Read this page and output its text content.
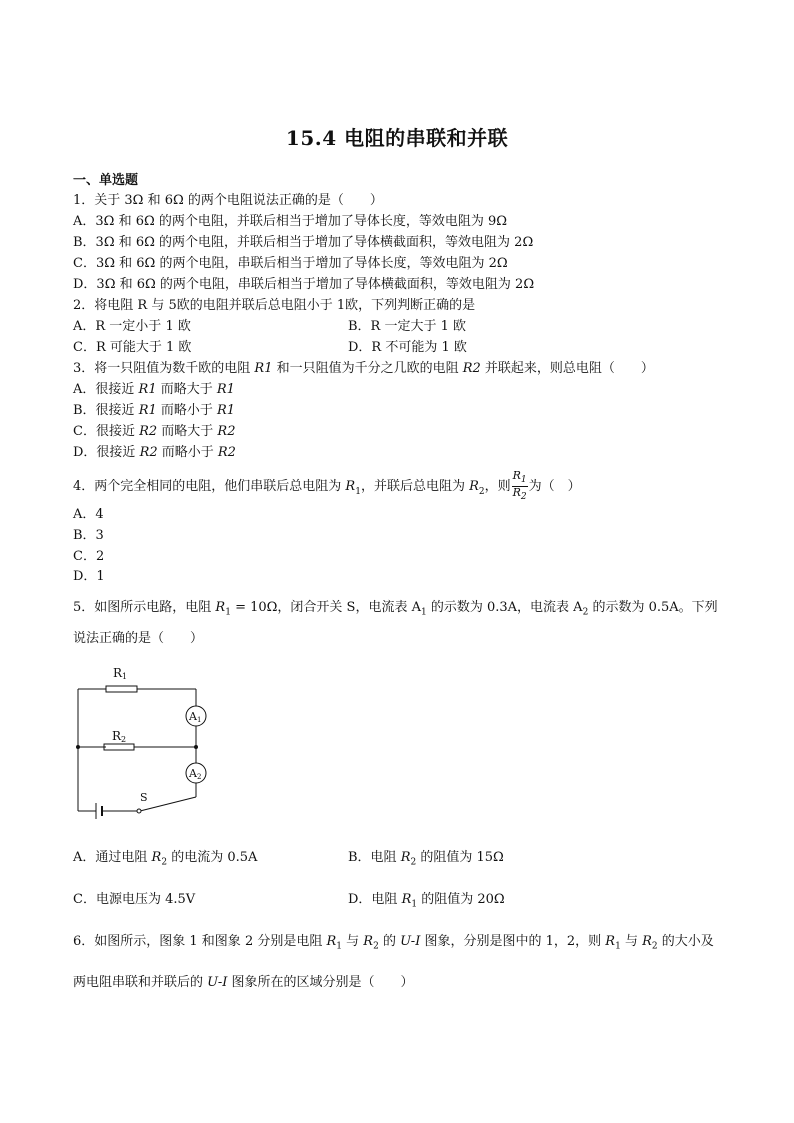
15.4 电阻的串联和并联
一、单选题
1．关于 3Ω 和 6Ω 的两个电阻说法正确的是（　　）
A．3Ω 和 6Ω 的两个电阻，并联后相当于增加了导体长度，等效电阻为 9Ω
B．3Ω 和 6Ω 的两个电阻，并联后相当于增加了导体横截面积，等效电阻为 2Ω
C．3Ω 和 6Ω 的两个电阻，串联后相当于增加了导体长度，等效电阻为 2Ω
D．3Ω 和 6Ω 的两个电阻，串联后相当于增加了导体横截面积，等效电阻为 2Ω
2．将电阻 R 与 5欧的电阻并联后总电阻小于 1欧，下列判断正确的是
A．R 一定小于 1 欧	B．R 一定大于 1 欧
C．R 可能大于 1 欧	D．R 不可能为 1 欧
3．将一只阻值为数千欧的电阻 R1 和一只阻值为千分之几欧的电阻 R2 并联起来，则总电阻（　　）
A．很接近 R1 而略大于 R1
B．很接近 R1 而略小于 R1
C．很接近 R2 而略大于 R2
D．很接近 R2 而略小于 R2
4．两个完全相同的电阻，他们串联后总电阻为 $R_1$，并联后总电阻为 $R_2$，则 $\frac{R_1}{R_2}$ 为（　）
A．4
B．3
C．2
D．1
5．如图所示电路，电阻 $R_1 = 10\Omega$，闭合开关 S，电流表 $A_1$ 的示数为 0.3A，电流表 $A_2$ 的示数为 0.5A。下列
说法正确的是（　　）
R1
R2
A1
A2
S
A．通过电阻 $R_2$ 的电流为 0.5A	B．电阻 $R_2$ 的阻值为 15Ω
C．电源电压为 4.5V	D．电阻 $R_1$ 的阻值为 20Ω
6．如图所示，图象 1 和图象 2 分别是电阻 $R_1$ 与 $R_2$ 的 U-I 图象，分别是图中的 1，2，则 $R_1$ 与 $R_2$ 的大小及
两电阻串联和并联后的 U-I 图象所在的区域分别是（　　）
